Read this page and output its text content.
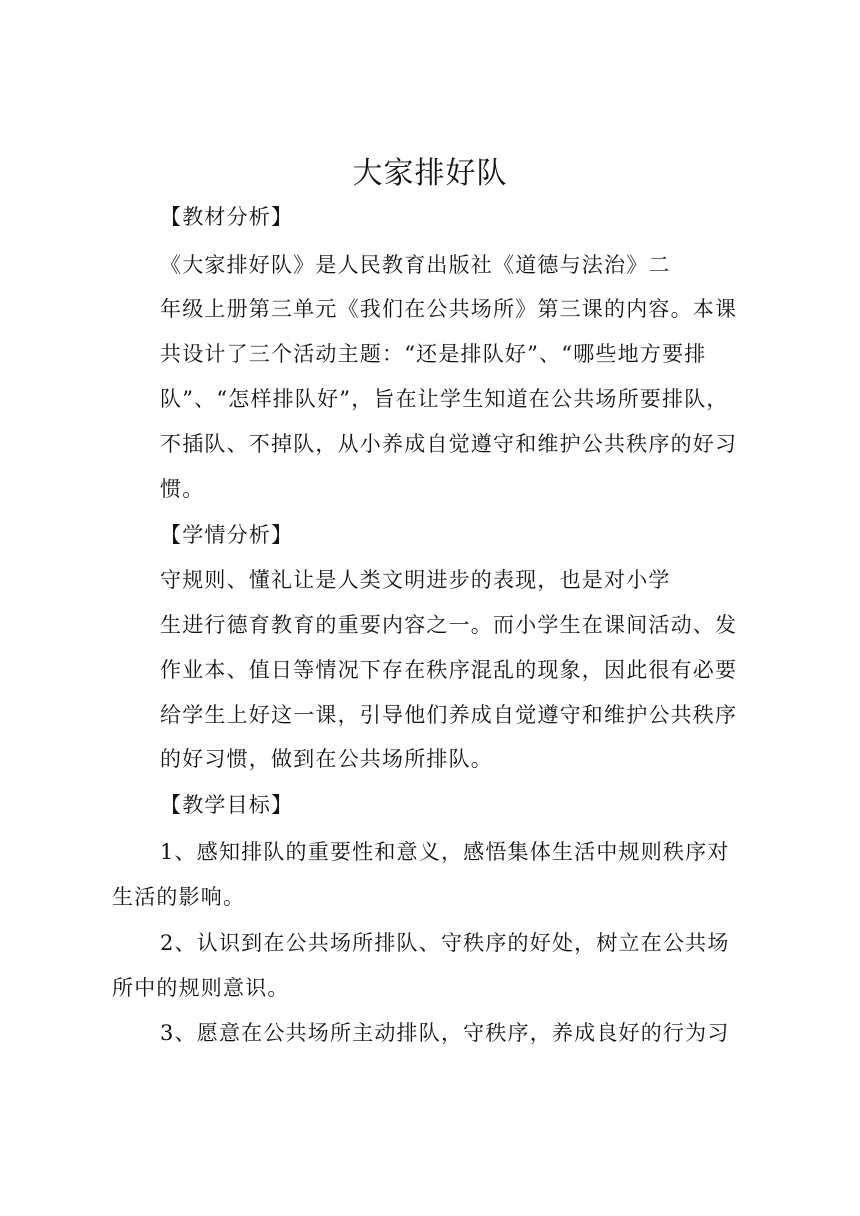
大家排好队
【教材分析】
《大家排好队》是人民教育出版社《道德与法治》二
年级上册第三单元《我们在公共场所》第三课的内容。本课
共设计了三个活动主题：“还是排队好”、“哪些地方要排
队”、“怎样排队好”，旨在让学生知道在公共场所要排队，
不插队、不掉队，从小养成自觉遵守和维护公共秩序的好习
惯。
【学情分析】
守规则、懂礼让是人类文明进步的表现，也是对小学
生进行德育教育的重要内容之一。而小学生在课间活动、发
作业本、值日等情况下存在秩序混乱的现象，因此很有必要
给学生上好这一课，引导他们养成自觉遵守和维护公共秩序
的好习惯，做到在公共场所排队。
【教学目标】
1、感知排队的重要性和意义，感悟集体生活中规则秩序对
生活的影响。
2、认识到在公共场所排队、守秩序的好处，树立在公共场
所中的规则意识。
3、愿意在公共场所主动排队，守秩序，养成良好的行为习
